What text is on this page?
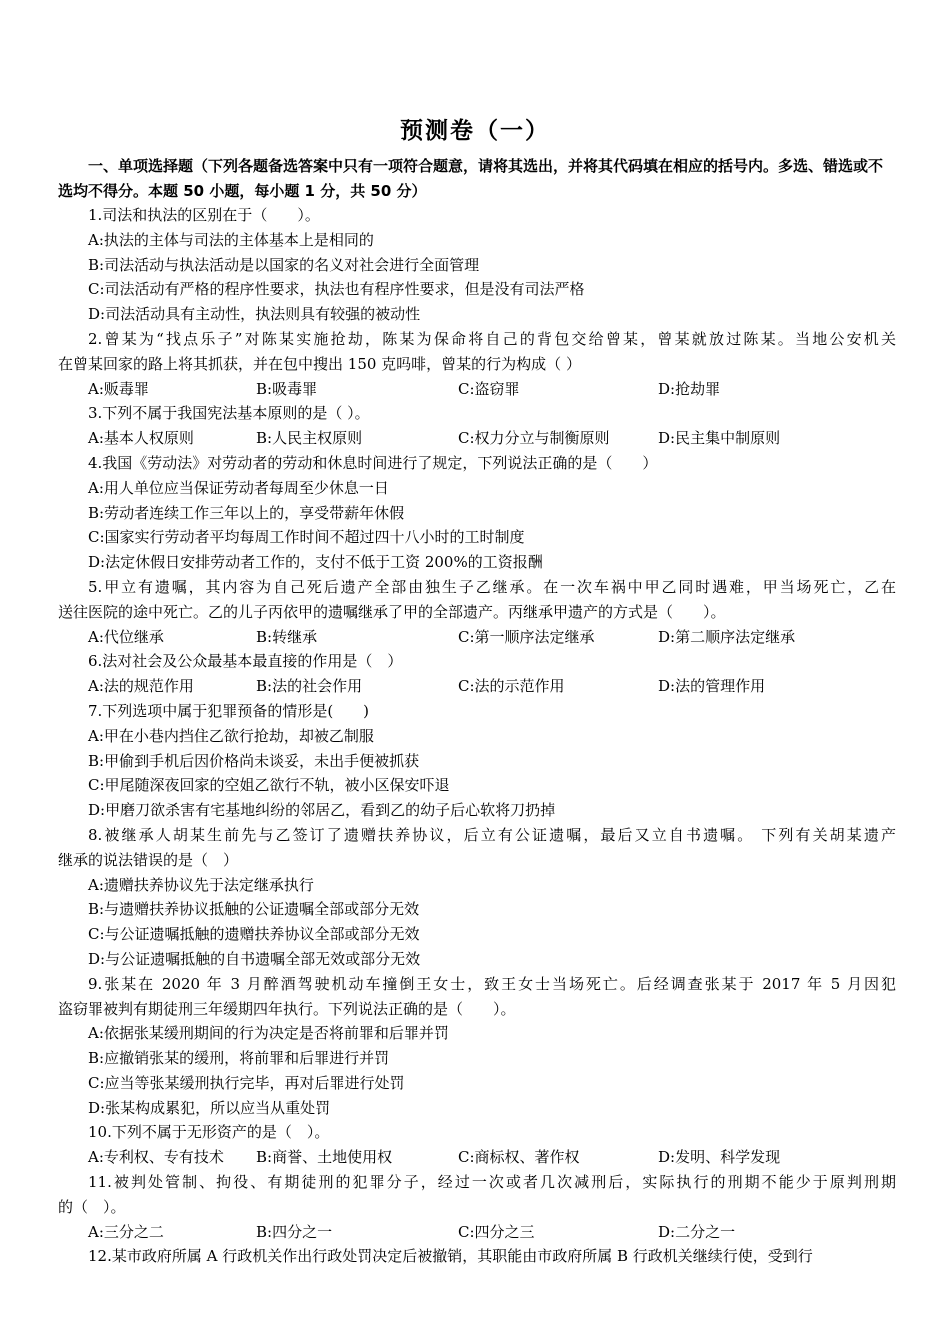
预测卷（一）
一、单项选择题（下列各题备选答案中只有一项符合题意，请将其选出，并将其代码填在相应的括号内。多选、错选或不选均不得分。本题 50 小题，每小题 1 分，共 50 分）
1.司法和执法的区别在于（　　）。
A:执法的主体与司法的主体基本上是相同的
B:司法活动与执法活动是以国家的名义对社会进行全面管理
C:司法活动有严格的程序性要求，执法也有程序性要求，但是没有司法严格
D:司法活动具有主动性，执法则具有较强的被动性
2.曾某为“找点乐子”对陈某实施抢劫，陈某为保命将自己的背包交给曾某，曾某就放过陈某。当地公安机关
在曾某回家的路上将其抓获，并在包中搜出 150 克吗啡，曾某的行为构成（ ）
A:贩毒罪	B:吸毒罪	C:盗窃罪	D:抢劫罪
3.下列不属于我国宪法基本原则的是（ ）。
A:基本人权原则	B:人民主权原则	C:权力分立与制衡原则	D:民主集中制原则
4.我国《劳动法》对劳动者的劳动和休息时间进行了规定，下列说法正确的是（　　）
A:用人单位应当保证劳动者每周至少休息一日
B:劳动者连续工作三年以上的，享受带薪年休假
C:国家实行劳动者平均每周工作时间不超过四十八小时的工时制度
D:法定休假日安排劳动者工作的，支付不低于工资 200%的工资报酬
5.甲立有遗嘱，其内容为自己死后遗产全部由独生子乙继承。在一次车祸中甲乙同时遇难，甲当场死亡，乙在
送往医院的途中死亡。乙的儿子丙依甲的遗嘱继承了甲的全部遗产。丙继承甲遗产的方式是（　　）。
A:代位继承	B:转继承	C:第一顺序法定继承	D:第二顺序法定继承
6.法对社会及公众最基本最直接的作用是（　）
A:法的规范作用	B:法的社会作用	C:法的示范作用	D:法的管理作用
7.下列选项中属于犯罪预备的情形是(　　)
A:甲在小巷内挡住乙欲行抢劫，却被乙制服
B:甲偷到手机后因价格尚未谈妥，未出手便被抓获
C:甲尾随深夜回家的空姐乙欲行不轨，被小区保安吓退
D:甲磨刀欲杀害有宅基地纠纷的邻居乙，看到乙的幼子后心软将刀扔掉
8.被继承人胡某生前先与乙签订了遗赠扶养协议，后立有公证遗嘱，最后又立自书遗嘱。 下列有关胡某遗产
继承的说法错误的是（　）
A:遗赠扶养协议先于法定继承执行
B:与遗赠扶养协议抵触的公证遗嘱全部或部分无效
C:与公证遗嘱抵触的遗赠扶养协议全部或部分无效
D:与公证遗嘱抵触的自书遗嘱全部无效或部分无效
9.张某在 2020 年 3 月醉酒驾驶机动车撞倒王女士，致王女士当场死亡。后经调查张某于 2017 年 5 月因犯
盗窃罪被判有期徒刑三年缓期四年执行。下列说法正确的是（　　）。
A:依据张某缓刑期间的行为决定是否将前罪和后罪并罚
B:应撤销张某的缓刑，将前罪和后罪进行并罚
C:应当等张某缓刑执行完毕，再对后罪进行处罚
D:张某构成累犯，所以应当从重处罚
10.下列不属于无形资产的是（　）。
A:专利权、专有技术	B:商誉、土地使用权	C:商标权、著作权	D:发明、科学发现
11.被判处管制、拘役、有期徒刑的犯罪分子，经过一次或者几次减刑后，实际执行的刑期不能少于原判刑期
的（　）。
A:三分之二	B:四分之一	C:四分之三	D:二分之一
12.某市政府所属 A 行政机关作出行政处罚决定后被撤销，其职能由市政府所属 B 行政机关继续行使，受到行
